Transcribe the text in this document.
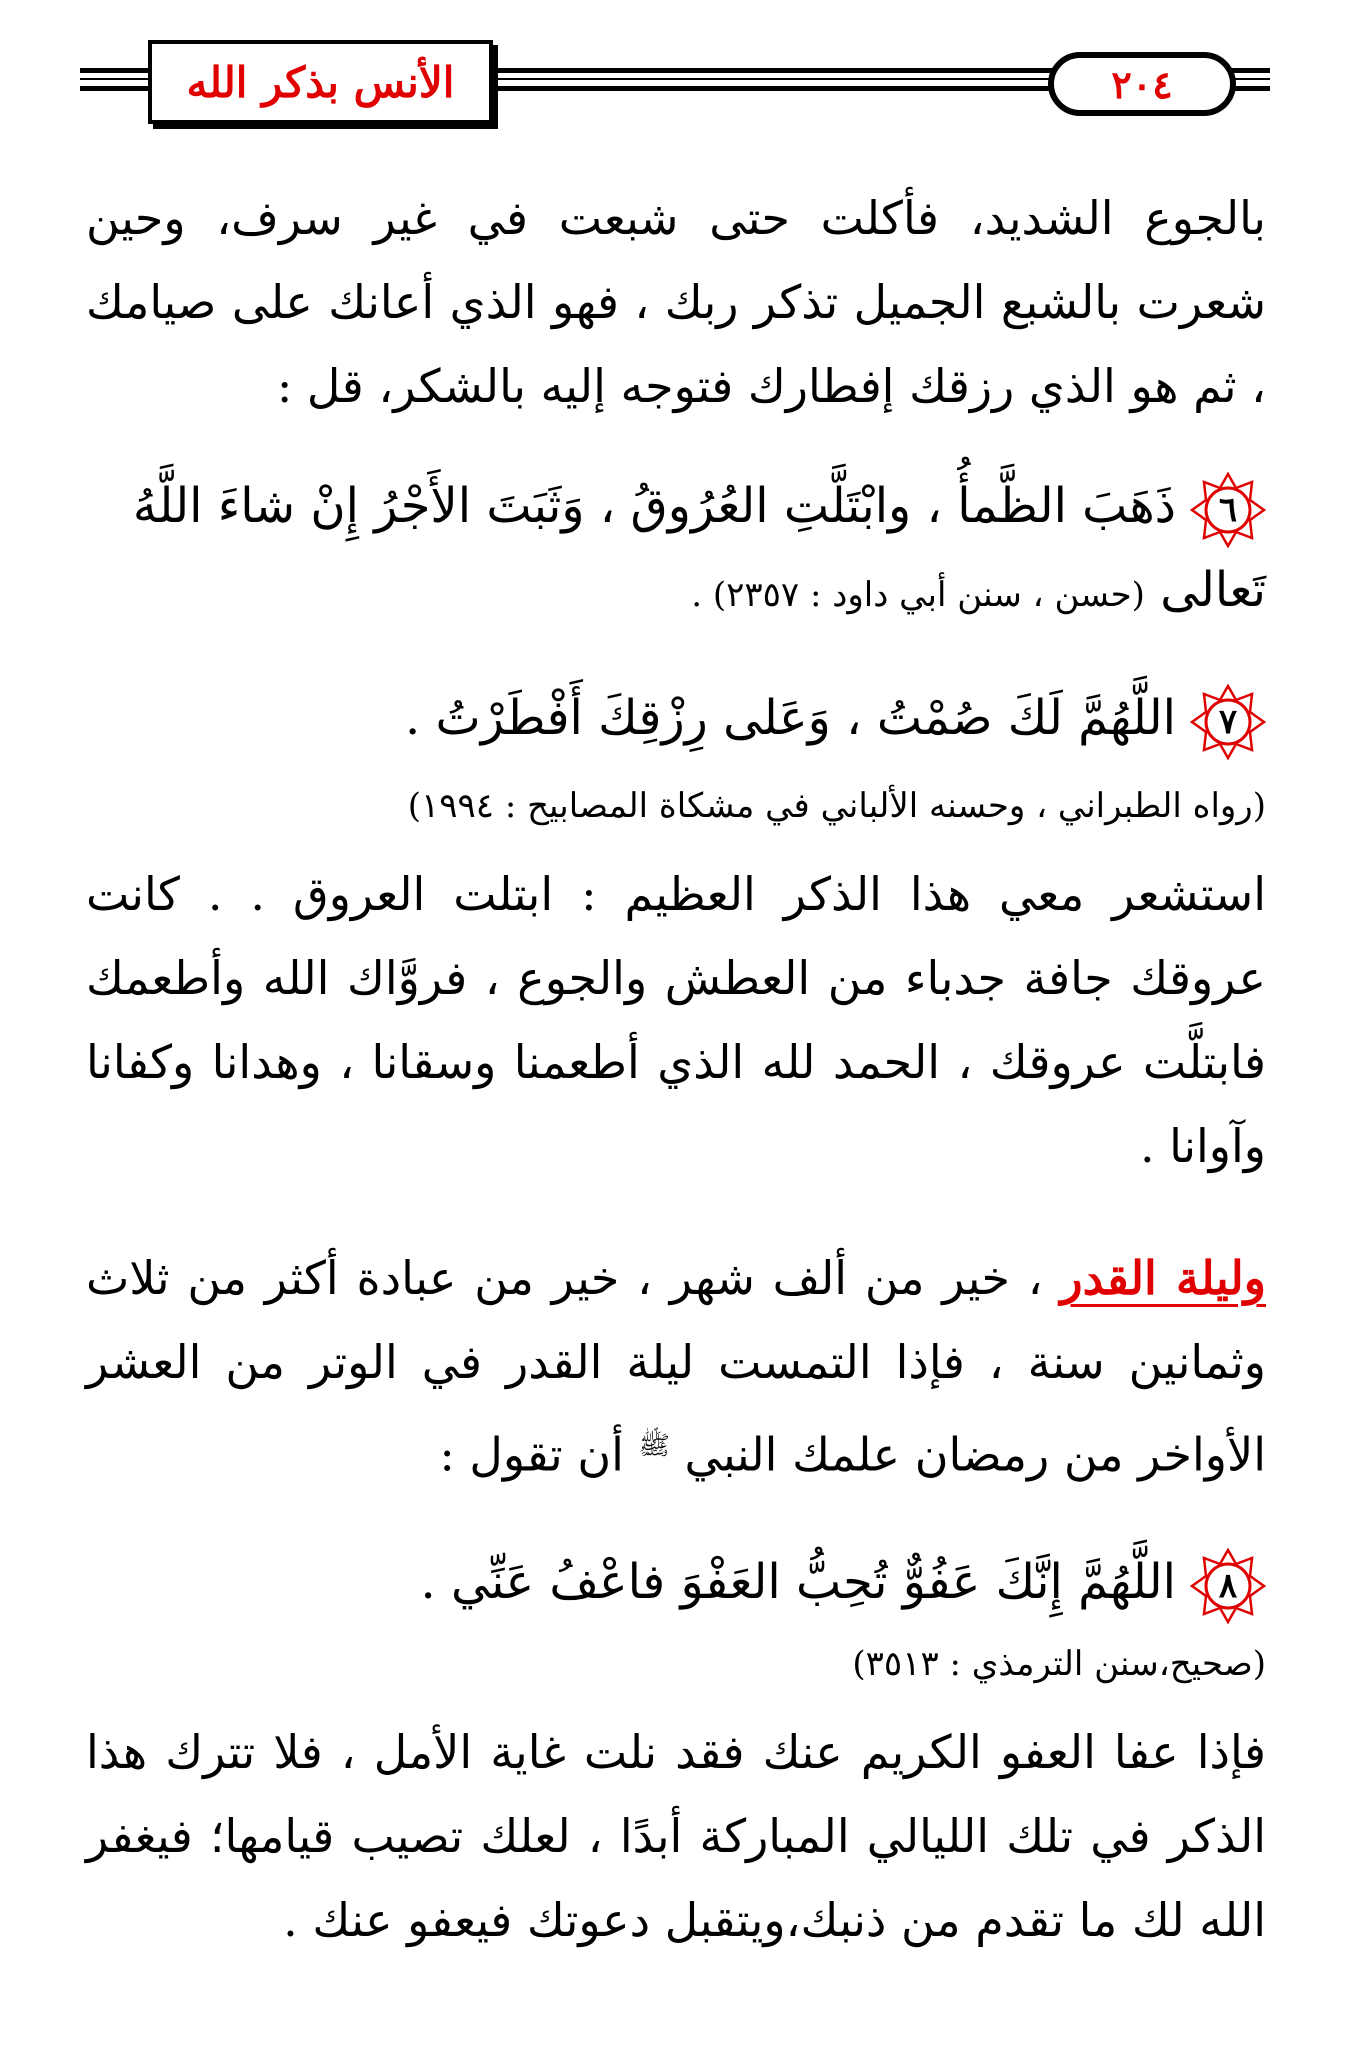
الأنس بذكر الله	٢٠٤
بالجوع الشديد، فأكلت حتى شبعت في غير سرف، وحين شعرت بالشبع الجميل تذكر ربك ، فهو الذي أعانك على صيامك ، ثم هو الذي رزقك إفطارك فتوجه إليه بالشكر، قل :
٦
ذَهَبَ الظَّمأُ ، وابْتَلَّتِ العُرُوقُ ، وَثَبَتَ الأَجْرُ إِنْ شاءَ اللَّهُ تَعالى (حسن ، سنن أبي داود : ٢٣٥٧) .
٧
اللَّهُمَّ لَكَ صُمْتُ ، وَعَلى رِزْقِكَ أَفْطَرْتُ .
(رواه الطبراني ، وحسنه الألباني في مشكاة المصابيح : ١٩٩٤)
استشعر معي هذا الذكر العظيم : ابتلت العروق . . كانت عروقك جافة جدباء من العطش والجوع ، فروَّاك الله وأطعمك فابتلَّت عروقك ، الحمد لله الذي أطعمنا وسقانا ، وهدانا وكفانا وآوانا .
وليلة القدر ، خير من ألف شهر ، خير من عبادة أكثر من ثلاث وثمانين سنة ، فإذا التمست ليلة القدر في الوتر من العشر الأواخر من رمضان علمك النبي $^ﷺ$ أن تقول :
٨
اللَّهُمَّ إِنَّكَ عَفُوٌّ تُحِبُّ العَفْوَ فاعْفُ عَنِّي .
(صحيح،سنن الترمذي : ٣٥١٣)
فإذا عفا العفو الكريم عنك فقد نلت غاية الأمل ، فلا تترك هذا الذكر في تلك الليالي المباركة أبدًا ، لعلك تصيب قيامها؛ فيغفر الله لك ما تقدم من ذنبك،ويتقبل دعوتك فيعفو عنك .
